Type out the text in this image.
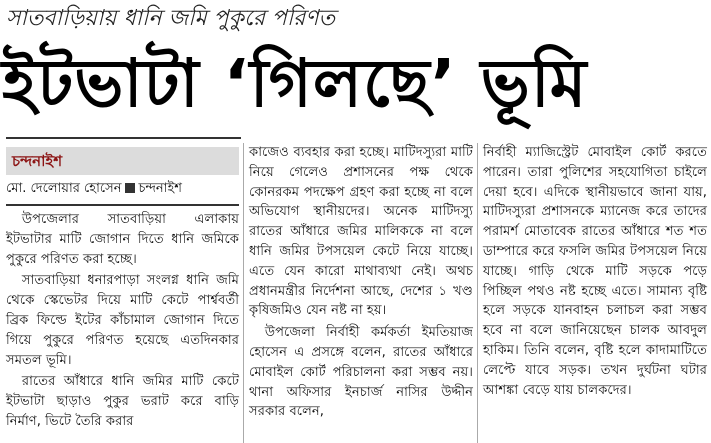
সাতবাড়িয়ায় ধানি জমি পুকুরে পরিণত
ইটভাটা ‘গিলছে’ ভূমি
চন্দনাইশ
মো. দেলোয়ার হোসেন চন্দনাইশ

উপজেলার সাতবাড়িয়া এলাকায় ইটভাটার মাটি জোগান দিতে ধানি জমিকে পুকুরে পরিণত করা হচ্ছে।

সাতবাড়িয়া ধনারপাড়া সংলগ্ন ধানি জমি থেকে স্কেভেটর দিয়ে মাটি কেটে পার্শ্ববর্তী ব্রিক ফিল্ডে ইটের কাঁচামাল জোগান দিতে গিয়ে পুকুরে পরিণত হয়েছে এতদিনকার সমতল ভূমি।

রাতের আঁধারে ধানি জমির মাটি কেটে ইটভাটা ছাড়াও পুকুর ভরাট করে বাড়ি নির্মাণ, ভিটে তৈরি করার

কাজেও ব্যবহার করা হচ্ছে। মাটিদস্যুরা মাটি নিয়ে গেলেও প্রশাসনের পক্ষ থেকে কোনরকম পদক্ষেপ গ্রহণ করা হচ্ছে না বলে অভিযোগ স্থানীয়দের। অনেক মাটিদস্যু রাতের আঁধারে জমির মালিককে না বলে ধানি জমির টপসয়েল কেটে নিয়ে যাচ্ছে। এতে যেন কারো মাথাব্যথা নেই। অথচ প্রধানমন্ত্রীর নির্দেশনা আছে, দেশের ১ খণ্ড কৃষিজমিও যেন নষ্ট না হয়।

উপজেলা নির্বাহী কর্মকর্তা ইমতিয়াজ হোসেন এ প্রসঙ্গে বলেন, রাতের আঁধারে মোবাইল কোর্ট পরিচালনা করা সম্ভব নয়। থানা অফিসার ইনচার্জ নাসির উদ্দীন সরকার বলেন,

নির্বাহী ম্যাজিস্ট্রেট মোবাইল কোর্ট করতে পারেন। তারা পুলিশের সহযোগিতা চাইলে দেয়া হবে। এদিকে স্থানীয়ভাবে জানা যায়, মাটিদস্যুরা প্রশাসনকে ম্যানেজ করে তাদের পরামর্শ মোতাবেক রাতের আঁধারে শত শত ডাম্পারে করে ফসলি জমির টপসয়েল নিয়ে যাচ্ছে। গাড়ি থেকে মাটি সড়কে পড়ে পিচ্ছিল পথও নষ্ট হচ্ছে এতে। সামান্য বৃষ্টি হলে সড়কে যানবাহন চলাচল করা সম্ভব হবে না বলে জানিয়েছেন চালক আবদুল হাকিম। তিনি বলেন, বৃষ্টি হলে কাদামাটিতে লেপ্টে যাবে সড়ক। তখন দুর্ঘটনা ঘটার আশঙ্কা বেড়ে যায় চালকদের।
